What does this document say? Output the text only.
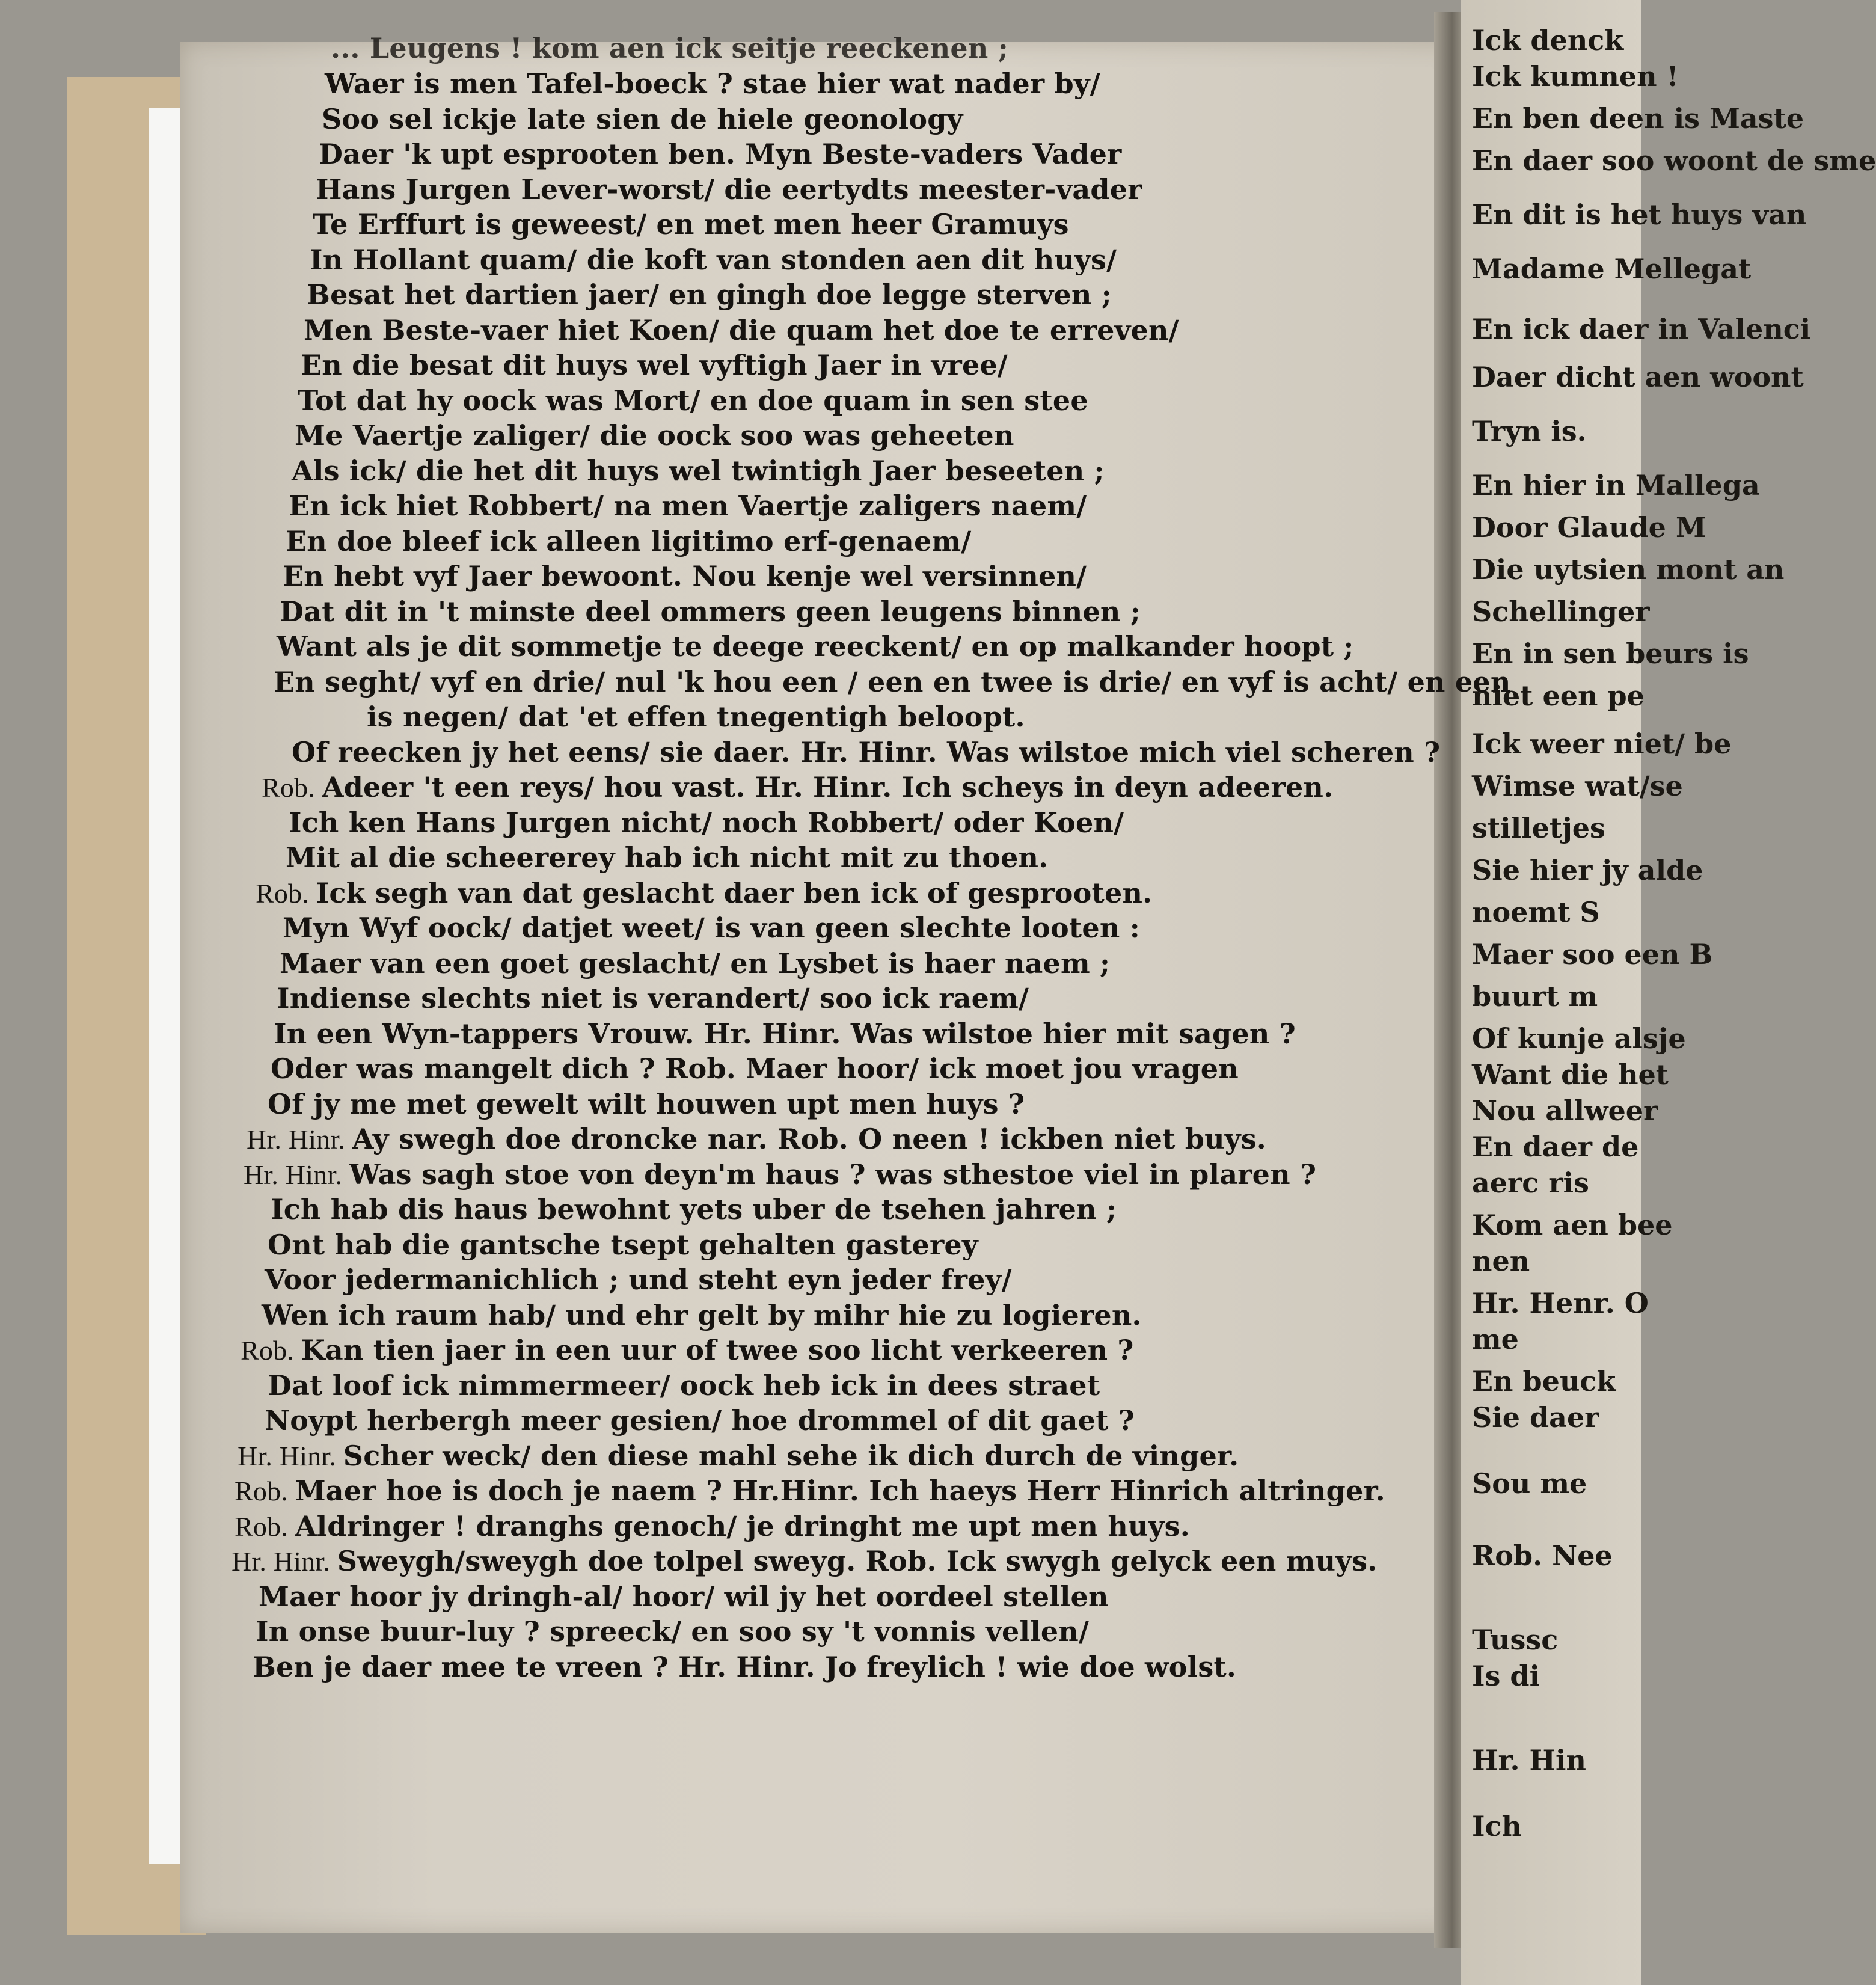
Ick denck
Ick kumnen !
En ben deen is Maste
En daer soo woont de sme
En dit is het huys van
Madame Mellegat
En ick daer in Valenci
Daer dicht aen woont
Tryn is.
En hier in Mallega
Door Glaude M
Die uytsien mont an
Schellinger
En in sen beurs is
niet een pe
Ick weer niet/ be
Wimse wat/se
stilletjes
Sie hier jy alde
noemt S
Maer soo een B
buurt m
Of kunje alsje
Want die het
Nou allweer
En daer de
aerc ris
Kom aen bee
nen
Hr. Henr. O
me
En beuck
Sie daer
Sou me
Rob. Nee
Tussc
Is di
Hr. Hin
Ich
... Leugens ! kom aen ick seitje reeckenen ;
Waer is men Tafel-boeck ? stae hier wat nader by/
Soo sel ickje late sien de hiele geonology
Daer 'k upt esprooten ben. Myn Beste-vaders Vader
Hans Jurgen Lever-worst/ die eertydts meester-vader
Te Erffurt is geweest/ en met men heer Gramuys
In Hollant quam/ die koft van stonden aen dit huys/
Besat het dartien jaer/ en gingh doe legge sterven ;
Men Beste-vaer hiet Koen/ die quam het doe te erreven/
En die besat dit huys wel vyftigh Jaer in vree/
Tot dat hy oock was Mort/ en doe quam in sen stee
Me Vaertje zaliger/ die oock soo was geheeten
Als ick/ die het dit huys wel twintigh Jaer beseeten ;
En ick hiet Robbert/ na men Vaertje zaligers naem/
En doe bleef ick alleen ligitimo erf-genaem/
En hebt vyf Jaer bewoont. Nou kenje wel versinnen/
Dat dit in 't minste deel ommers geen leugens binnen ;
Want als je dit sommetje te deege reeckent/ en op malkander hoopt ;
En seght/ vyf en drie/ nul 'k hou een / een en twee is drie/ en vyf is acht/ en een
is negen/ dat 'et effen tnegentigh beloopt.
Of reecken jy het eens/ sie daer. Hr. Hinr. Was wilstoe mich viel scheren ?
Rob. Adeer 't een reys/ hou vast. Hr. Hinr. Ich scheys in deyn adeeren.
Ich ken Hans Jurgen nicht/ noch Robbert/ oder Koen/
Mit al die scheererey hab ich nicht mit zu thoen.
Rob. Ick segh van dat geslacht daer ben ick of gesprooten.
Myn Wyf oock/ datjet weet/ is van geen slechte looten :
Maer van een goet geslacht/ en Lysbet is haer naem ;
Indiense slechts niet is verandert/ soo ick raem/
In een Wyn-tappers Vrouw. Hr. Hinr. Was wilstoe hier mit sagen ?
Oder was mangelt dich ? Rob. Maer hoor/ ick moet jou vragen
Of jy me met gewelt wilt houwen upt men huys ?
Hr. Hinr. Ay swegh doe droncke nar. Rob. O neen ! ickben niet buys.
Hr. Hinr. Was sagh stoe von deyn'm haus ? was sthestoe viel in plaren ?
Ich hab dis haus bewohnt yets uber de tsehen jahren ;
Ont hab die gantsche tsept gehalten gasterey
Voor jedermanichlich ; und steht eyn jeder frey/
Wen ich raum hab/ und ehr gelt by mihr hie zu logieren.
Rob. Kan tien jaer in een uur of twee soo licht verkeeren ?
Dat loof ick nimmermeer/ oock heb ick in dees straet
Noypt herbergh meer gesien/ hoe drommel of dit gaet ?
Hr. Hinr. Scher weck/ den diese mahl sehe ik dich durch de vinger.
Rob. Maer hoe is doch je naem ? Hr.Hinr. Ich haeys Herr Hinrich altringer.
Rob. Aldringer ! dranghs genoch/ je dringht me upt men huys.
Hr. Hinr. Sweygh/sweygh doe tolpel sweyg. Rob. Ick swygh gelyck een muys.
Maer hoor jy dringh-al/ hoor/ wil jy het oordeel stellen
In onse buur-luy ? spreeck/ en soo sy 't vonnis vellen/
Ben je daer mee te vreen ? Hr. Hinr. Jo freylich ! wie doe wolst.
